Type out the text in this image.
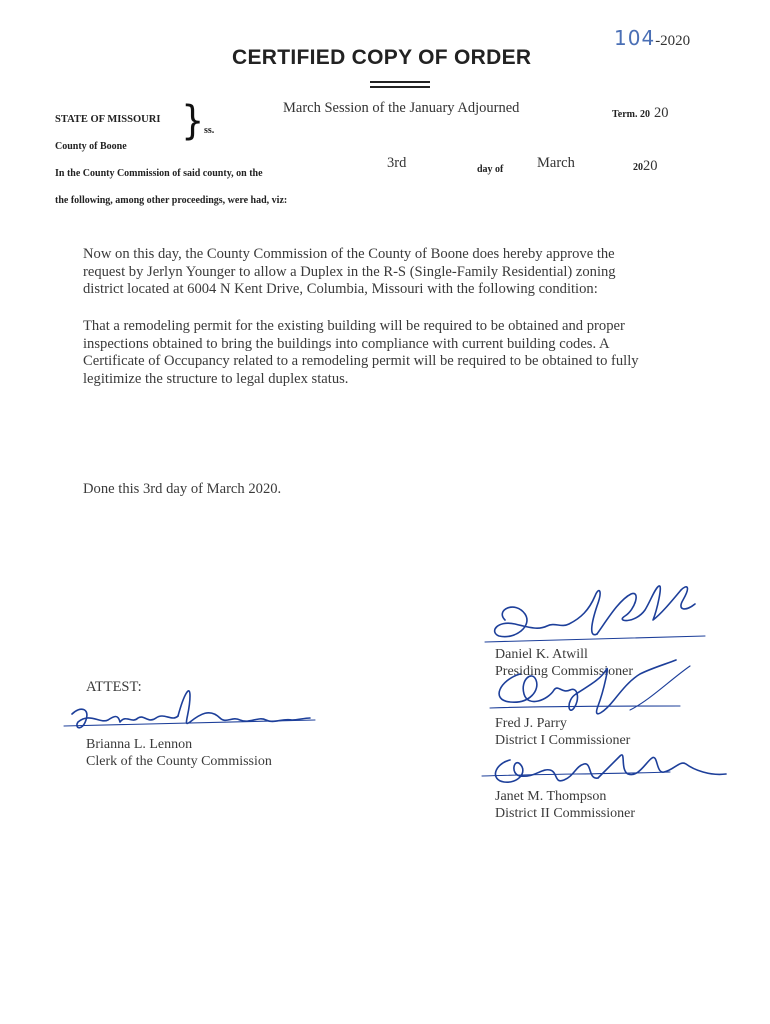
104-2020
CERTIFIED COPY OF ORDER
STATE OF MISSOURI
County of Boone
} ss.
March Session of the January Adjourned	Term. 20 20
In the County Commission of said county, on the
3rd	day of March	2020
the following, among other proceedings, were had, viz:
Now on this day, the County Commission of the County of Boone does hereby approve the
request by Jerlyn Younger to allow a Duplex in the R-S (Single-Family Residential) zoning
district located at 6004 N Kent Drive, Columbia, Missouri with the following condition:
That a remodeling permit for the existing building will be required to be obtained and proper
inspections obtained to bring the buildings into compliance with current building codes. A
Certificate of Occupancy related to a remodeling permit will be required to be obtained to fully
legitimize the structure to legal duplex status.
Done this 3rd day of March 2020.
ATTEST:
Brianna L. Lennon
Clerk of the County Commission
Daniel K. Atwill
Presiding Commissioner
Fred J. Parry
District I Commissioner
Janet M. Thompson
District II Commissioner
